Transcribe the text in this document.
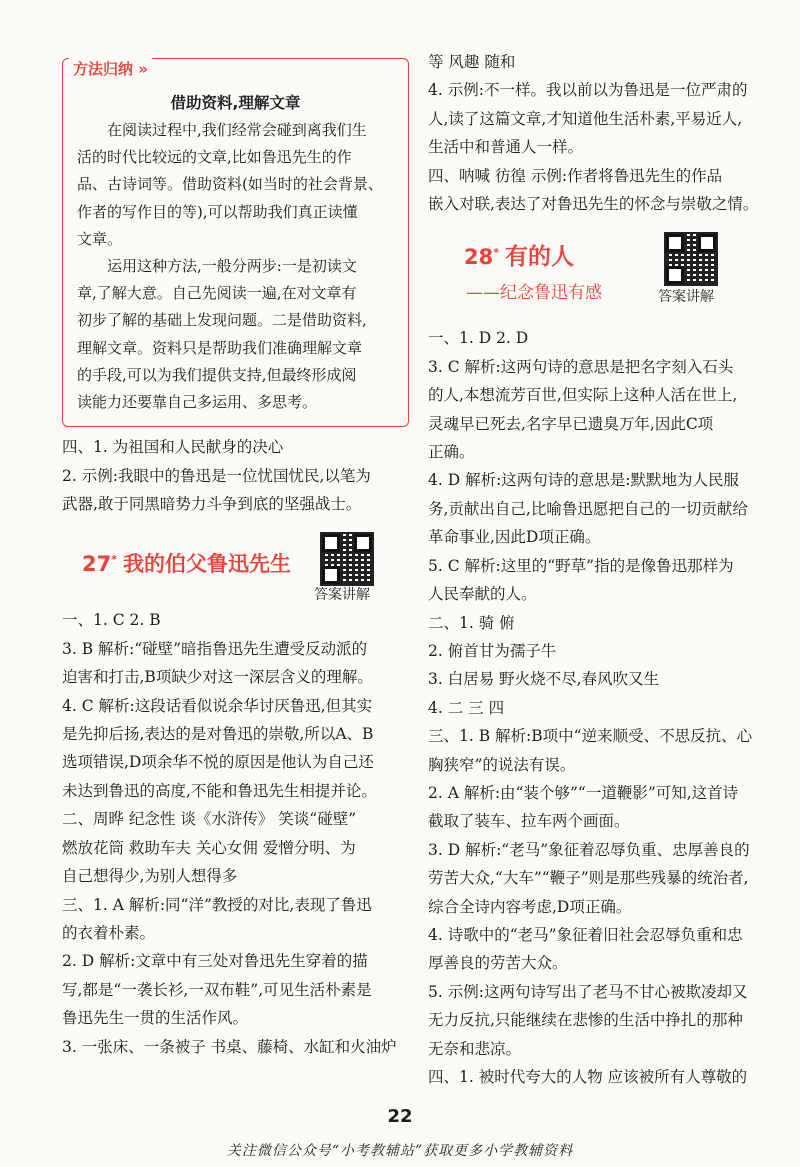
方法归纳 »
借助资料,理解文章
在阅读过程中,我们经常会碰到离我们生
活的时代比较远的文章,比如鲁迅先生的作
品、古诗词等。借助资料(如当时的社会背景、
作者的写作目的等),可以帮助我们真正读懂
文章。
运用这种方法,一般分两步:一是初读文
章,了解大意。自己先阅读一遍,在对文章有
初步了解的基础上发现问题。二是借助资料,
理解文章。资料只是帮助我们准确理解文章
的手段,可以为我们提供支持,但最终形成阅
读能力还要靠自己多运用、多思考。
四、1. 为祖国和人民献身的决心
2. 示例:我眼中的鲁迅是一位忧国忧民,以笔为
武器,敢于同黑暗势力斗争到底的坚强战士。
27* 我的伯父鲁迅先生
答案讲解
一、1. C 2. B
3. B 解析:“碰壁”暗指鲁迅先生遭受反动派的
迫害和打击,B项缺少对这一深层含义的理解。
4. C 解析:这段话看似说余华讨厌鲁迅,但其实
是先抑后扬,表达的是对鲁迅的崇敬,所以A、B
选项错误,D项余华不悦的原因是他认为自己还
未达到鲁迅的高度,不能和鲁迅先生相提并论。
二、周晔 纪念性 谈《水浒传》 笑谈“碰壁”
燃放花筒 救助车夫 关心女佣 爱憎分明、为
自己想得少,为别人想得多
三、1. A 解析:同“洋”教授的对比,表现了鲁迅
的衣着朴素。
2. D 解析:文章中有三处对鲁迅先生穿着的描
写,都是“一袭长衫,一双布鞋”,可见生活朴素是
鲁迅先生一贯的生活作风。
3. 一张床、一条被子 书桌、藤椅、水缸和火油炉
等 风趣 随和
4. 示例:不一样。我以前以为鲁迅是一位严肃的
人,读了这篇文章,才知道他生活朴素,平易近人,
生活中和普通人一样。
四、呐喊 彷徨 示例:作者将鲁迅先生的作品
嵌入对联,表达了对鲁迅先生的怀念与崇敬之情。
28* 有的人
——纪念鲁迅有感	答案讲解
一、1. D 2. D
3. C 解析:这两句诗的意思是把名字刻入石头
的人,本想流芳百世,但实际上这种人活在世上,
灵魂早已死去,名字早已遗臭万年,因此C项
正确。
4. D 解析:这两句诗的意思是:默默地为人民服
务,贡献出自己,比喻鲁迅愿把自己的一切贡献给
革命事业,因此D项正确。
5. C 解析:这里的“野草”指的是像鲁迅那样为
人民奉献的人。
二、1. 骑 俯
2. 俯首甘为孺子牛
3. 白居易 野火烧不尽,春风吹又生
4. 二 三 四
三、1. B 解析:B项中“逆来顺受、不思反抗、心
胸狭窄”的说法有误。
2. A 解析:由“装个够”“一道鞭影”可知,这首诗
截取了装车、拉车两个画面。
3. D 解析:“老马”象征着忍辱负重、忠厚善良的
劳苦大众,“大车”“鞭子”则是那些残暴的统治者,
综合全诗内容考虑,D项正确。
4. 诗歌中的“老马”象征着旧社会忍辱负重和忠
厚善良的劳苦大众。
5. 示例:这两句诗写出了老马不甘心被欺凌却又
无力反抗,只能继续在悲惨的生活中挣扎的那种
无奈和悲凉。
四、1. 被时代夸大的人物 应该被所有人尊敬的
22
关注微信公众号“小考教辅站”获取更多小学教辅资料
